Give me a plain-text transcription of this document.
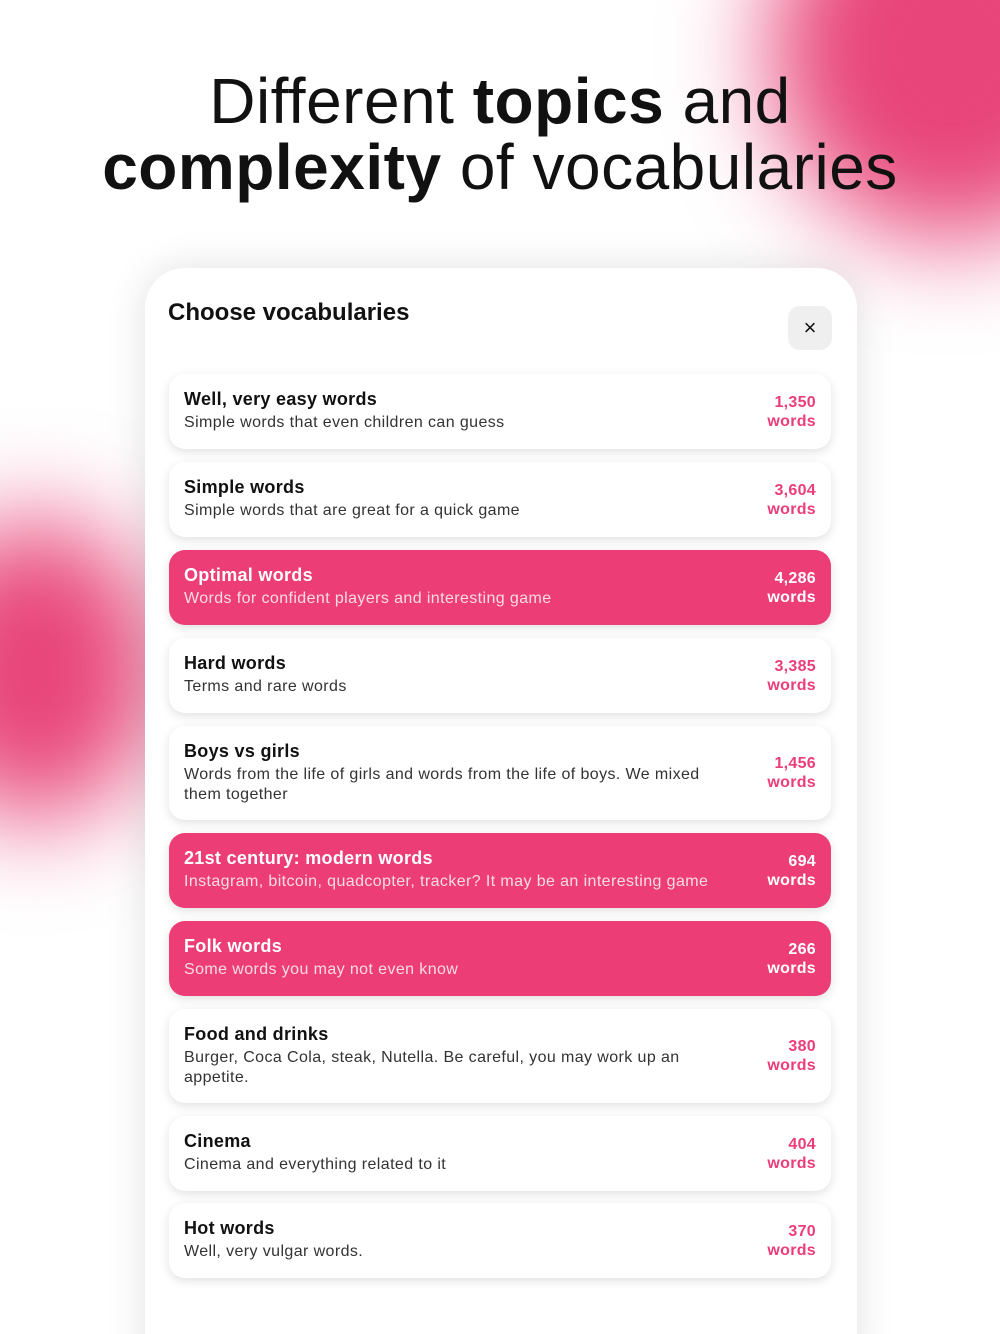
Different topics and
complexity of vocabularies
Choose vocabularies
×
Well, very easy words
Simple words that even children can guess
1,350
words
Simple words
Simple words that are great for a quick game
3,604
words
Optimal words
Words for confident players and interesting game
4,286
words
Hard words
Terms and rare words
3,385
words
Boys vs girls
Words from the life of girls and words from the life of boys. We mixed them together
1,456
words
21st century: modern words
Instagram, bitcoin, quadcopter, tracker? It may be an interesting game
694
words
Folk words
Some words you may not even know
266
words
Food and drinks
Burger, Coca Cola, steak, Nutella. Be careful, you may work up an appetite.
380
words
Cinema
Cinema and everything related to it
404
words
Hot words
Well, very vulgar words.
370
words
